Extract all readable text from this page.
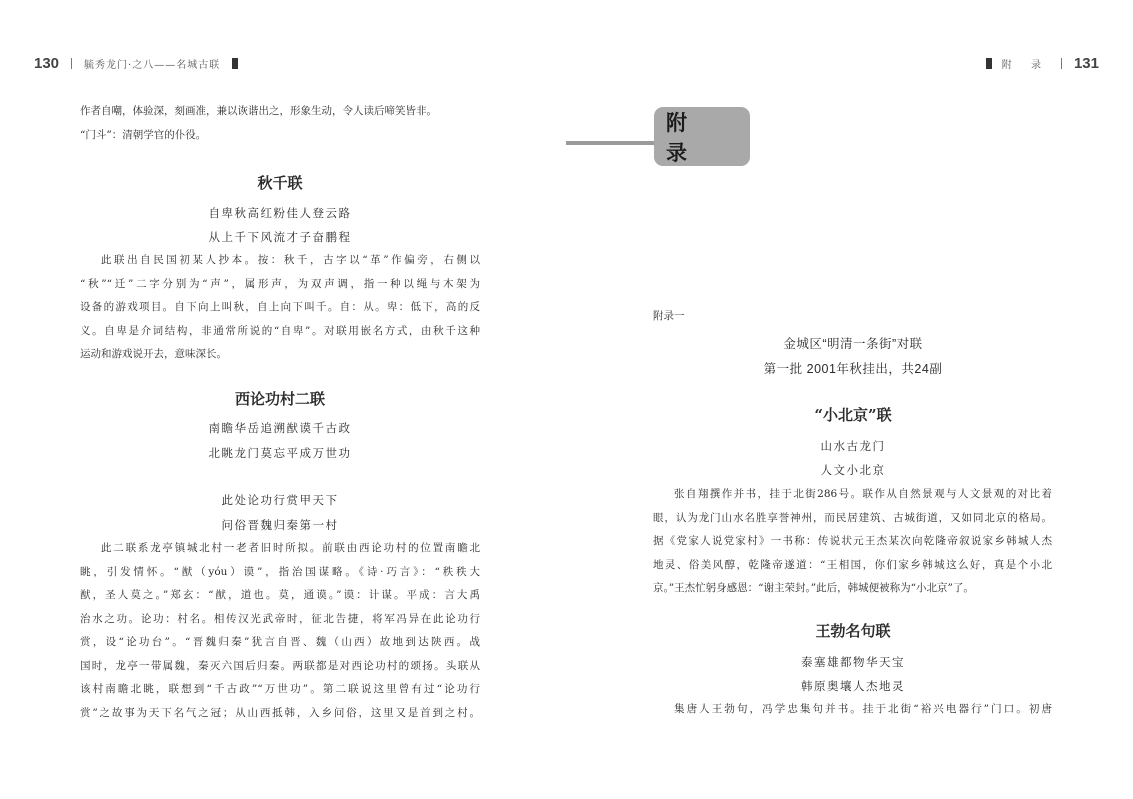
130	毓秀龙门·之八——名城古联
作者自嘲，体验深，刻画准，兼以诙谐出之，形象生动，令人读后啼笑皆非。
“门斗”：清朝学官的仆役。

秋千联

自卑秋高红粉佳人登云路

从上千下风流才子奋鹏程

此联出自民国初某人抄本。按：秋千，古字以“革”作偏旁，右侧以
“秋”“迁”二字分别为“声”，属形声，为双声调，指一种以绳与木架为
设备的游戏项目。自下向上叫秋，自上向下叫千。自：从。卑：低下，高的反
义。自卑是介词结构，非通常所说的“自卑”。对联用嵌名方式，由秋千这种
运动和游戏说开去，意味深长。

西论功村二联

南瞻华岳追溯猷谟千古政

北眺龙门莫忘平成万世功

此处论功行赏甲天下

问俗晋魏归秦第一村

此二联系龙亭镇城北村一老者旧时所拟。前联由西论功村的位置南瞻北
眺，引发情怀。“猷（yóu）谟”，指治国谋略。《诗·巧言》：“秩秩大
猷，圣人莫之。”郑玄：“猷，道也。莫，通谟。”谟：计谋。平成：言大禹
治水之功。论功：村名。相传汉光武帝时，征北告捷，将军冯异在此论功行
赏，设“论功台”。“晋魏归秦”犹言自晋、魏（山西）故地到达陕西。战
国时，龙亭一带属魏，秦灭六国后归秦。两联都是对西论功村的颂扬。头联从
该村南瞻北眺，联想到“千古政”“万世功”。第二联说这里曾有过“论功行
赏”之故事为天下名气之冠；从山西抵韩，入乡问俗，这里又是首到之村。
附 录 131
附 录

附录一

金城区“明清一条街”对联

第一批 2001年秋挂出，共24副

“小北京”联

山水古龙门

人文小北京

张自翔撰作并书，挂于北街286号。联作从自然景观与人文景观的对比着
眼，认为龙门山水名胜享誉神州，而民居建筑、古城街道，又如同北京的格局。
据《党家人说党家村》一书称：传说状元王杰某次向乾隆帝叙说家乡韩城人杰
地灵、俗美风醇，乾隆帝遂道：“王相国，你们家乡韩城这么好，真是个小北
京。”王杰忙躬身感恩：“谢主荣封。”此后，韩城便被称为“小北京”了。

王勃名句联

泰塞雄都物华天宝

韩原奥壤人杰地灵

集唐人王勃句，冯学忠集句并书。挂于北街“裕兴电器行”门口。初唐
